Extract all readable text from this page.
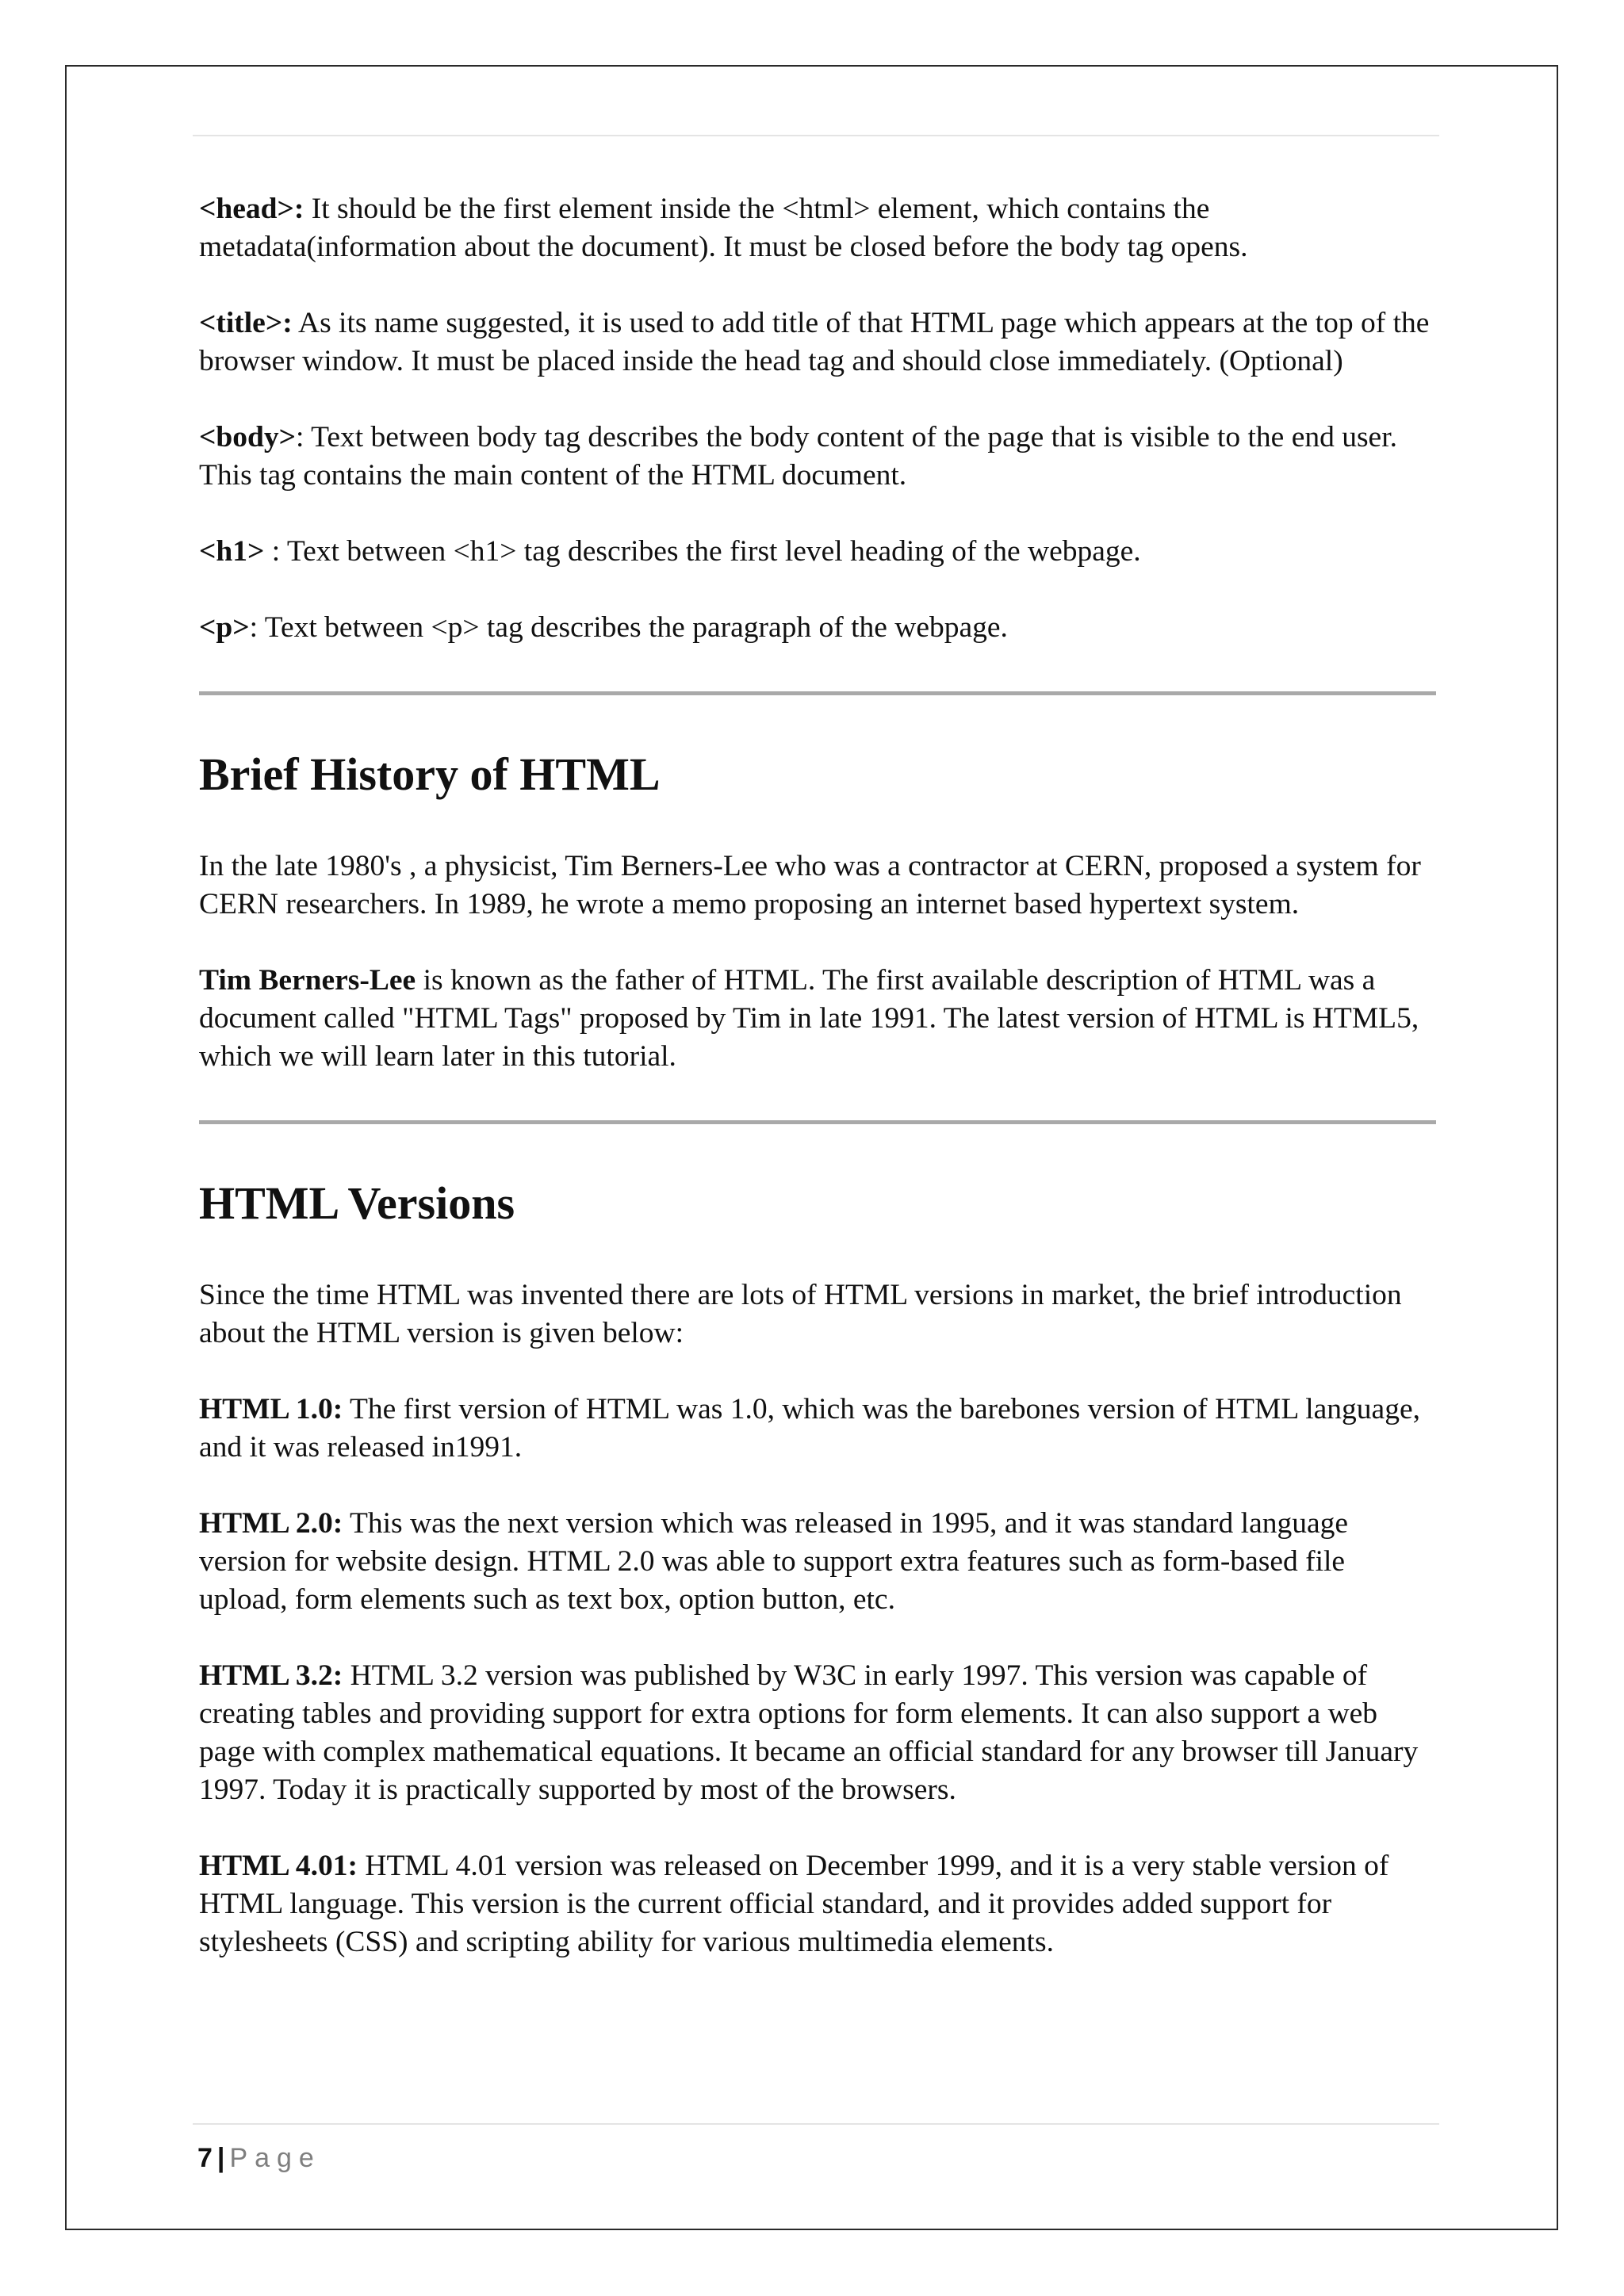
<head>: It should be the first element inside the <html> element, which contains the metadata(information about the document). It must be closed before the body tag opens.

<title>: As its name suggested, it is used to add title of that HTML page which appears at the top of the browser window. It must be placed inside the head tag and should close immediately. (Optional)

<body>: Text between body tag describes the body content of the page that is visible to the end user. This tag contains the main content of the HTML document.

<h1> : Text between <h1> tag describes the first level heading of the webpage.

<p>: Text between <p> tag describes the paragraph of the webpage.

Brief History of HTML

In the late 1980's , a physicist, Tim Berners-Lee who was a contractor at CERN, proposed a system for CERN researchers. In 1989, he wrote a memo proposing an internet based hypertext system.

Tim Berners-Lee is known as the father of HTML. The first available description of HTML was a document called "HTML Tags" proposed by Tim in late 1991. The latest version of HTML is HTML5, which we will learn later in this tutorial.

HTML Versions

Since the time HTML was invented there are lots of HTML versions in market, the brief introduction about the HTML version is given below:

HTML 1.0: The first version of HTML was 1.0, which was the barebones version of HTML language, and it was released in1991.

HTML 2.0: This was the next version which was released in 1995, and it was standard language version for website design. HTML 2.0 was able to support extra features such as form-based file upload, form elements such as text box, option button, etc.

HTML 3.2: HTML 3.2 version was published by W3C in early 1997. This version was capable of creating tables and providing support for extra options for form elements. It can also support a web page with complex mathematical equations. It became an official standard for any browser till January 1997. Today it is practically supported by most of the browsers.

HTML 4.01: HTML 4.01 version was released on December 1999, and it is a very stable version of HTML language. This version is the current official standard, and it provides added support for stylesheets (CSS) and scripting ability for various multimedia elements.

7 | Page
